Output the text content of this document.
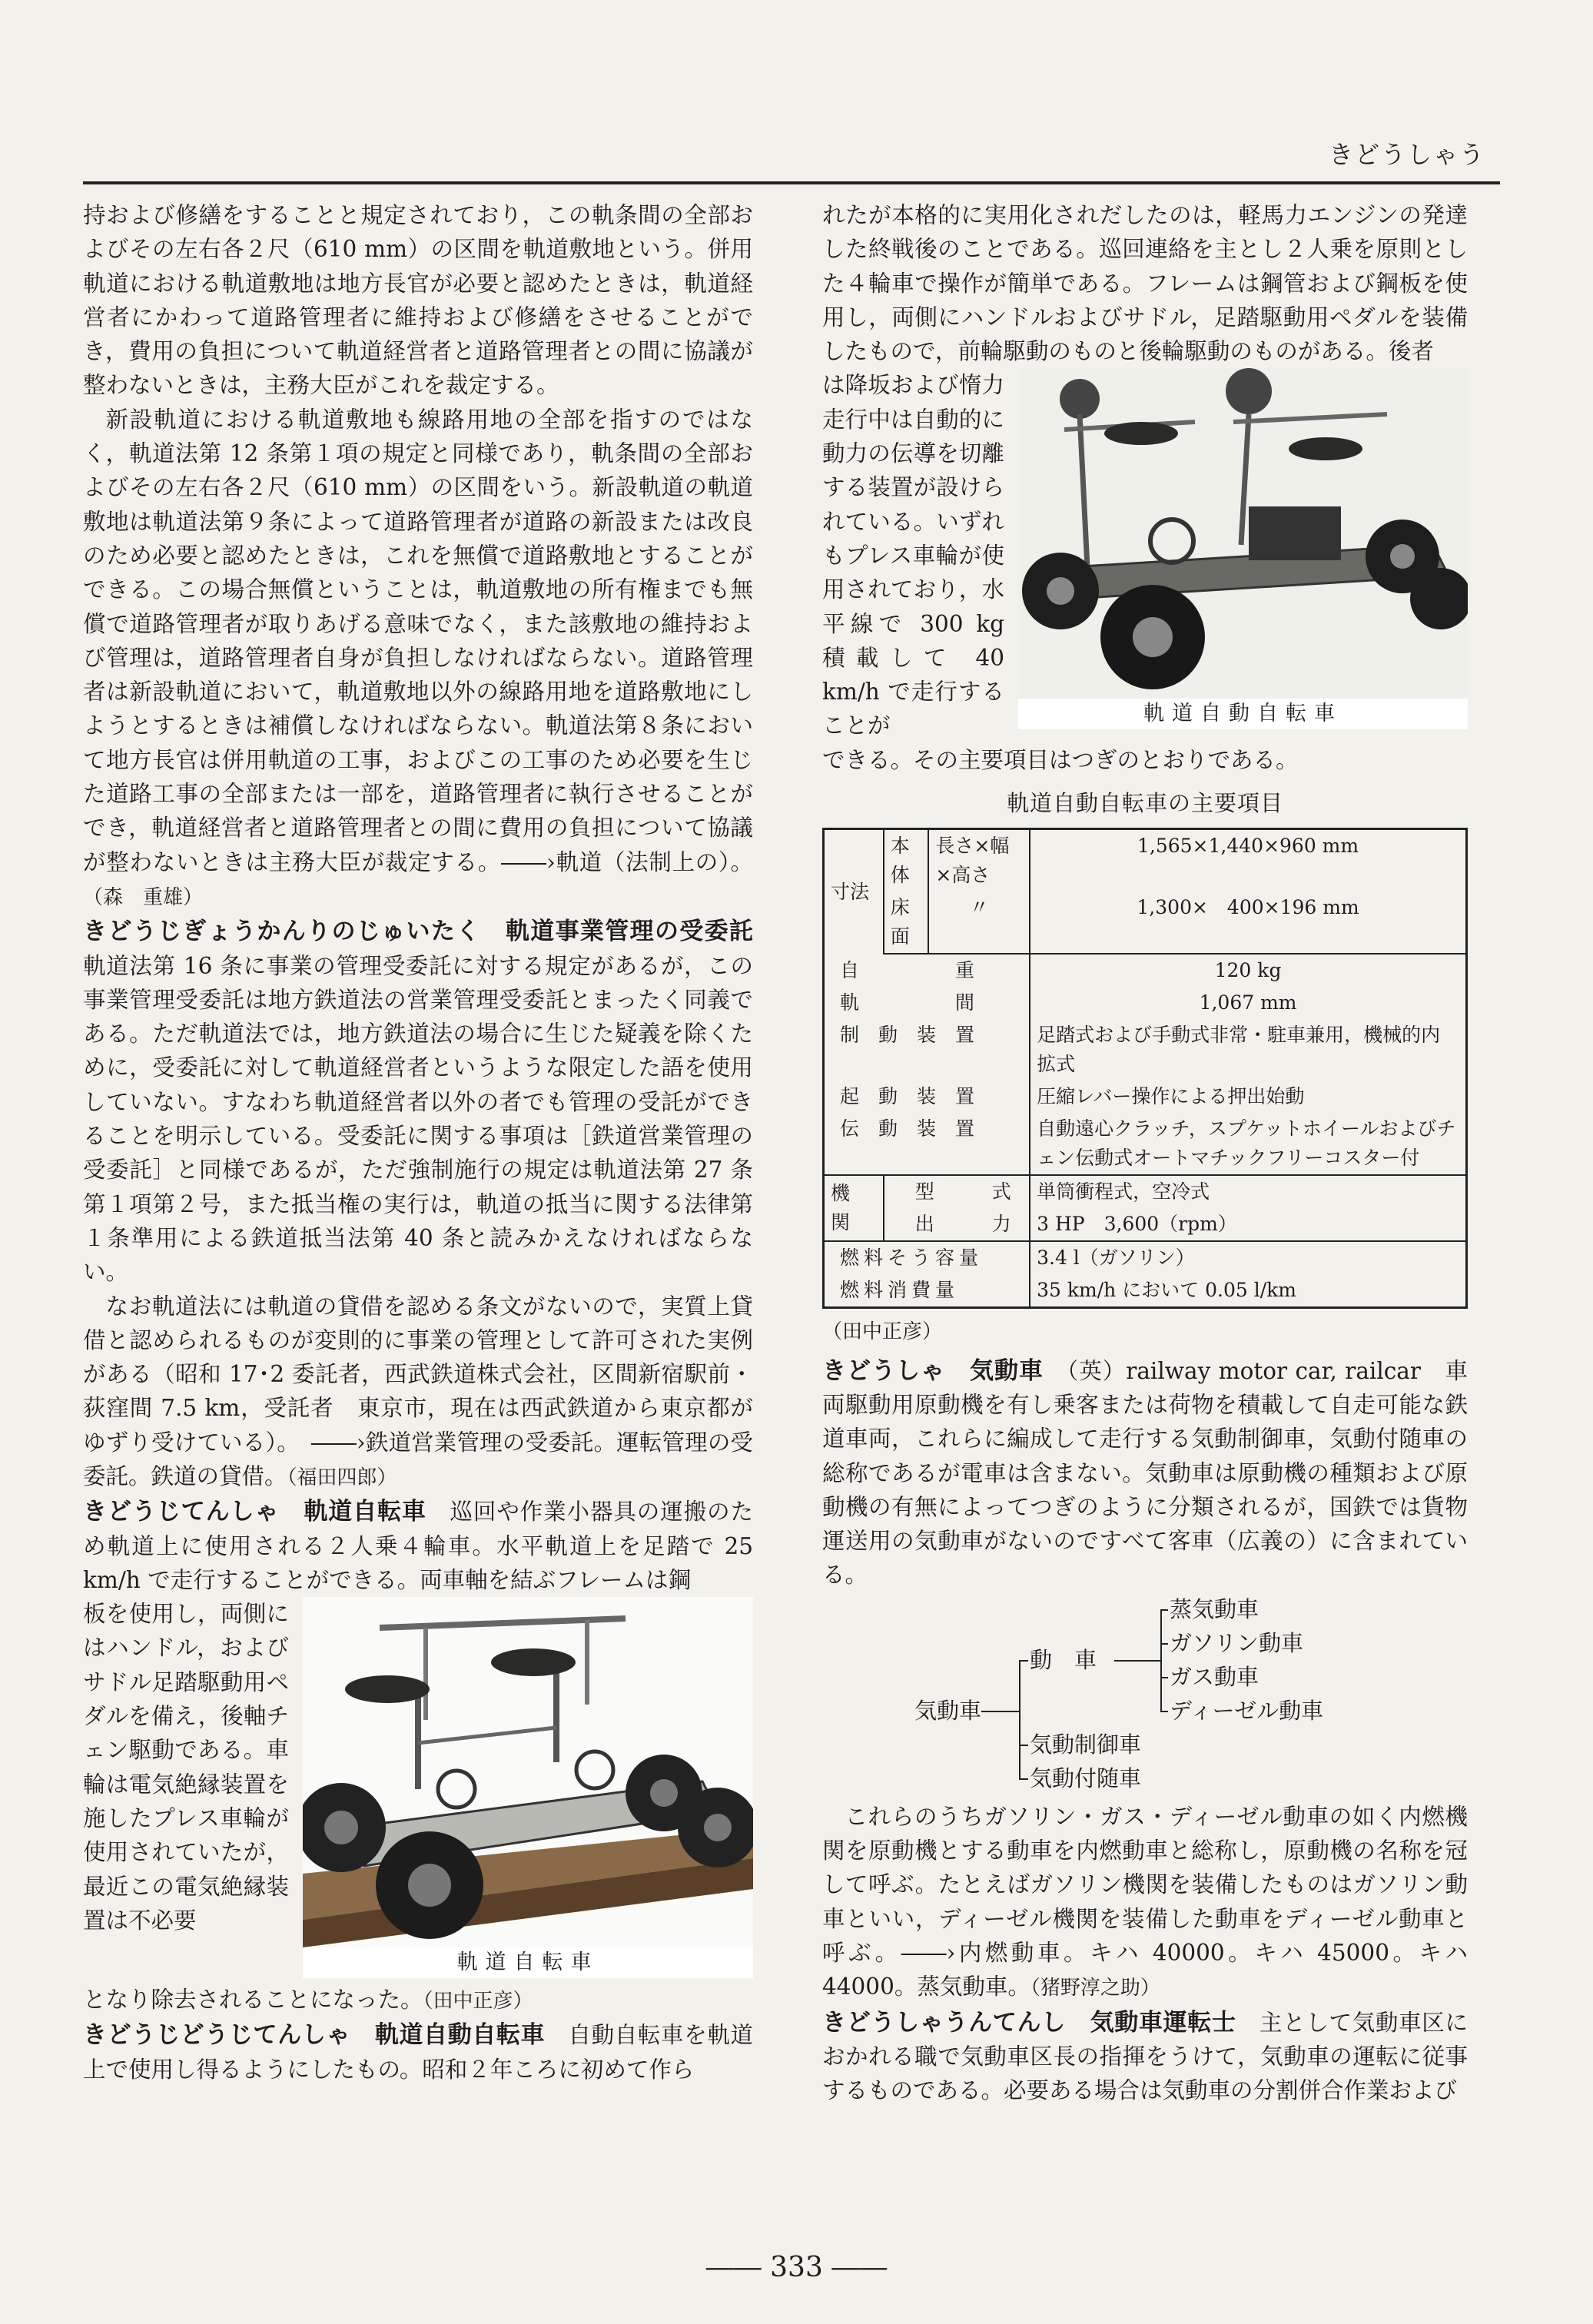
きどうしゃう

持および修繕をすることと規定されており，この軌条間の全部およびその左右各２尺（610 mm）の区間を軌道敷地という。併用軌道における軌道敷地は地方長官が必要と認めたときは，軌道経営者にかわって道路管理者に維持および修繕をさせることができ，費用の負担について軌道経営者と道路管理者との間に協議が整わないときは，主務大臣がこれを裁定する。

新設軌道における軌道敷地も線路用地の全部を指すのではなく，軌道法第 12 条第１項の規定と同様であり，軌条間の全部およびその左右各２尺（610 mm）の区間をいう。新設軌道の軌道敷地は軌道法第９条によって道路管理者が道路の新設または改良のため必要と認めたときは，これを無償で道路敷地とすることができる。この場合無償ということは，軌道敷地の所有権までも無償で道路管理者が取りあげる意味でなく，また該敷地の維持および管理は，道路管理者自身が負担しなければならない。道路管理者は新設軌道において，軌道敷地以外の線路用地を道路敷地にしようとするときは補償しなければならない。軌道法第８条において地方長官は併用軌道の工事，およびこの工事のため必要を生じた道路工事の全部または一部を，道路管理者に執行させることができ，軌道経営者と道路管理者との間に費用の負担について協議が整わないときは主務大臣が裁定する。――›軌道（法制上の）。（森　重雄）

きどうじぎょうかんりのじゅいたく　軌道事業管理の受委託　軌道法第 16 条に事業の管理受委託に対する規定があるが，この事業管理受委託は地方鉄道法の営業管理受委託とまったく同義である。ただ軌道法では，地方鉄道法の場合に生じた疑義を除くために，受委託に対して軌道経営者というような限定した語を使用していない。すなわち軌道経営者以外の者でも管理の受託ができることを明示している。受委託に関する事項は［鉄道営業管理の受委託］と同様であるが，ただ強制施行の規定は軌道法第 27 条第１項第２号，また抵当権の実行は，軌道の抵当に関する法律第１条準用による鉄道抵当法第 40 条と読みかえなければならない。

なお軌道法には軌道の貸借を認める条文がないので，実質上貸借と認められるものが変則的に事業の管理として許可された実例がある（昭和 17･2 委託者，西武鉄道株式会社，区間新宿駅前・荻窪間 7.5 km，受託者　東京市，現在は西武鉄道から東京都がゆずり受けている）。　――›鉄道営業管理の受委託。運転管理の受委託。鉄道の貸借。（福田四郎）

きどうじてんしゃ　軌道自転車　 巡回や作業小器具の運搬のため軌道上に使用される２人乗４輪車。水平軌道上を足踏で 25 km/h で走行することができる。両車軸を結ぶフレームは鋼

軌道自転車

板を使用し，両側にはハンドル，およびサドル足踏駆動用ペダルを備え，後軸チェン駆動である。車輪は電気絶縁装置を施したプレス車輪が使用されていたが，最近この電気絶縁装置は不必要

となり除去されることになった。（田中正彦）

きどうじどうじてんしゃ　軌道自動自転車　 自動自転車を軌道上で使用し得るようにしたもの。昭和２年ころに初めて作ら

れたが本格的に実用化されだしたのは，軽馬力エンジンの発達した終戦後のことである。巡回連絡を主とし２人乗を原則とした４輪車で操作が簡単である。フレームは鋼管および鋼板を使用し，両側にハンドルおよびサドル，足踏駆動用ペダルを装備したもので，前輪駆動のものと後輪駆動のものがある。後者

軌道自動自転車

は降坂および惰力走行中は自動的に動力の伝導を切離する装置が設けられている。いずれもプレス車輪が使用されており，水平線で 300 kg 積載して 40 km/h で走行することが

できる。その主要項目はつぎのとおりである。

軌道自動自転車の主要項目
寸法	本体	長さ×幅×高さ	1,565×1,440×960 mm
	床面	〃	1,300×　400×196 mm
自　　　　　重			120 kg
軌　　　　　間			1,067 mm
制　動　装　置			足踏式および手動式非常・駐車兼用，機械的内拡式
起　動　装　置			圧縮レバー操作による押出始動
伝　動　装　置			自動遠心クラッチ，スプケットホイールおよびチェン伝動式オートマチックフリーコスター付
機　関	型　　　式		単筒衝程式，空冷式
	出　　　力		3 HP　3,600（rpm）
燃料そう容量			3.4 l（ガソリン）
燃料消費量			35 km/h において 0.05 l/km
（田中正彦）

きどうしゃ　気動車　 （英）railway motor car, railcar　車両駆動用原動機を有し乗客または荷物を積載して自走可能な鉄道車両，これらに編成して走行する気動制御車，気動付随車の総称であるが電車は含まない。気動車は原動機の種類および原動機の有無によってつぎのように分類されるが，国鉄では貨物運送用の気動車がないのですべて客車（広義の）に含まれている。

蒸気動車
ガソリン動車
動　車
ガス動車
ディーゼル動車
気動車
気動制御車
気動付随車

これらのうちガソリン・ガス・ディーゼル動車の如く内燃機関を原動機とする動車を内燃動車と総称し，原動機の名称を冠して呼ぶ。たとえばガソリン機関を装備したものはガソリン動車といい，ディーゼル機関を装備した動車をディーゼル動車と呼ぶ。――›内燃動車。キハ 40000。キハ 45000。キハ 44000。蒸気動車。（猪野淳之助）

きどうしゃうんてんし　気動車運転士　 主として気動車区におかれる職で気動車区長の指揮をうけて，気動車の運転に従事するものである。必要ある場合は気動車の分割併合作業および

―― 333 ――
